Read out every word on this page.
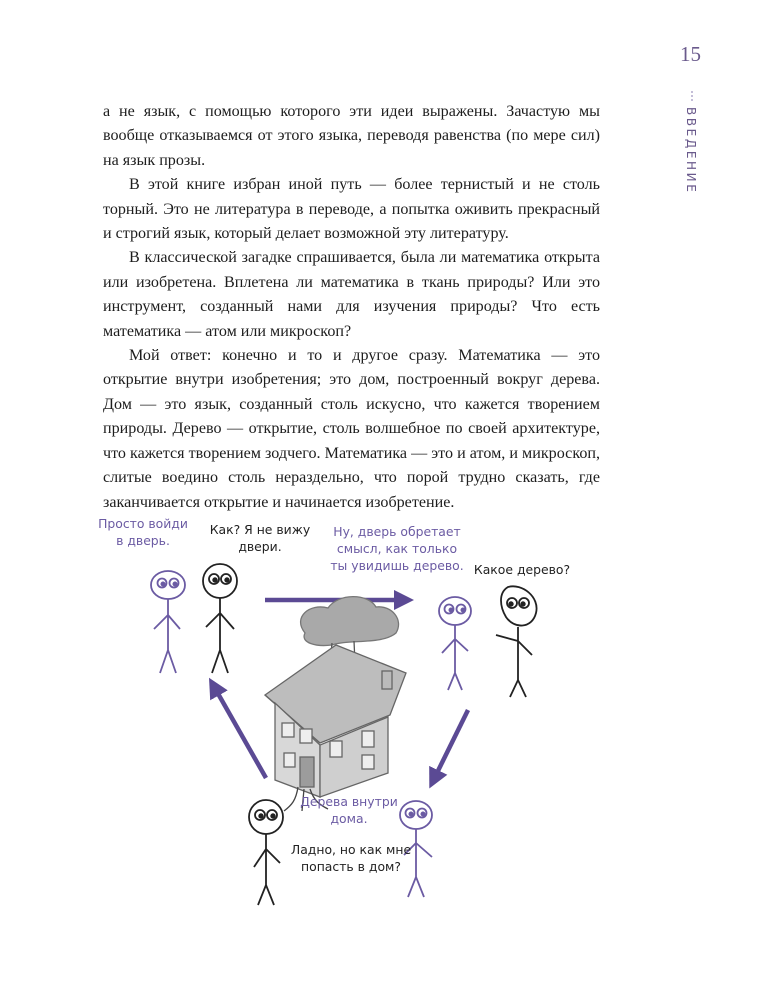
15
ВВЕДЕНИЕ

а не язык, с помощью которого эти идеи выражены. Зачастую мы вообще отказываемся от этого языка, переводя равенства (по мере сил) на язык прозы.

В этой книге избран иной путь — более тернистый и не столь торный. Это не литература в переводе, а попытка оживить прекрасный и строгий язык, который делает возможной эту литературу.

В классической загадке спрашивается, была ли математика открыта или изобретена. Вплетена ли математика в ткань природы? Или это инструмент, созданный нами для изучения природы? Что есть математика — атом или микроскоп?

Мой ответ: конечно и то и другое сразу. Математика — это открытие внутри изобретения; это дом, построенный вокруг дерева. Дом — это язык, созданный столь искусно, что кажется творением природы. Дерево — открытие, столь волшебное по своей архитектуре, что кажется творением зодчего. Математика — это и атом, и микроскоп, слитые воедино столь нераздельно, что порой трудно сказать, где заканчивается открытие и начинается изобретение.

Просто войди
в дверь.
Как? Я не вижу
двери.
Ну, дверь обретает
смысл, как только
ты увидишь дерево. Какое дерево?
Дерева внутри
дома.
Ладно, но как мне
попасть в дом?
